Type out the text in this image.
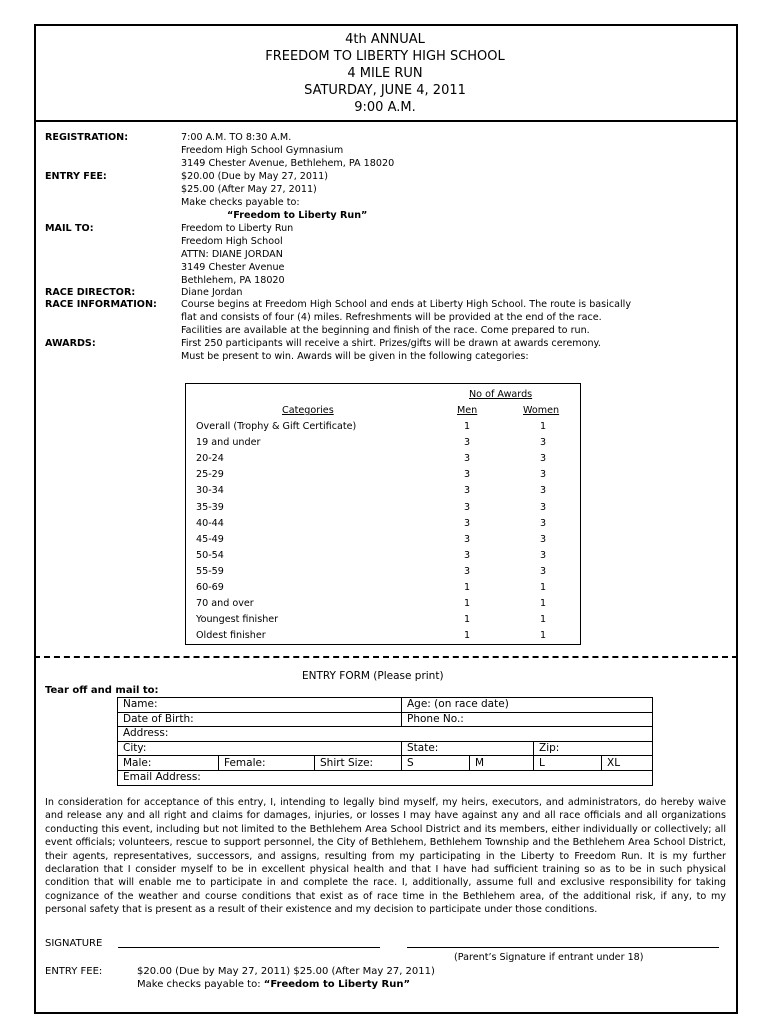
4th ANNUAL
FREEDOM TO LIBERTY HIGH SCHOOL
4 MILE RUN
SATURDAY, JUNE 4, 2011
9:00 A.M.
REGISTRATION:	7:00 A.M. TO 8:30 A.M.
Freedom High School Gymnasium
3149 Chester Avenue, Bethlehem, PA 18020
ENTRY FEE:	$20.00 (Due by May 27, 2011)
$25.00 (After May 27, 2011)
Make checks payable to:
“Freedom to Liberty Run”
MAIL TO:	Freedom to Liberty Run
Freedom High School
ATTN: DIANE JORDAN
3149 Chester Avenue
Bethlehem, PA 18020
RACE DIRECTOR:	Diane Jordan
RACE INFORMATION:	Course begins at Freedom High School and ends at Liberty High School. The route is basically
flat and consists of four (4) miles. Refreshments will be provided at the end of the race.
Facilities are available at the beginning and finish of the race. Come prepared to run.
AWARDS:	First 250 participants will receive a shirt. Prizes/gifts will be drawn at awards ceremony.
Must be present to win. Awards will be given in the following categories:
No of Awards
Categories	Men	Women
Overall (Trophy & Gift Certificate)	1	1
19 and under	3	3
20-24	3	3
25-29	3	3
30-34	3	3
35-39	3	3
40-44	3	3
45-49	3	3
50-54	3	3
55-59	3	3
60-69	1	1
70 and over	1	1
Youngest finisher	1	1
Oldest finisher	1	1
ENTRY FORM (Please print)
Tear off and mail to:
Name:			Age: (on race date)			
Date of Birth:			Phone No.:			
Address:						
City:			State:		Zip:	
Male:	Female:	Shirt Size:	S	M	L	XL
Email Address:						
In consideration for acceptance of this entry, I, intending to legally bind myself, my heirs, executors, and administrators, do hereby waive and release any and all right and claims for damages, injuries, or losses I may have against any and all race officials and all organizations conducting this event, including but not limited to the Bethlehem Area School District and its members, either individually or collectively; all event officials; volunteers, rescue to support personnel, the City of Bethlehem, Bethlehem Township and the Bethlehem Area School District, their agents, representatives, successors, and assigns, resulting from my participating in the Liberty to Freedom Run. It is my further declaration that I consider myself to be in excellent physical health and that I have had sufficient training so as to be in such physical condition that will enable me to participate in and complete the race. I, additionally, assume full and exclusive responsibility for taking cognizance of the weather and course conditions that exist as of race time in the Bethlehem area, of the additional risk, if any, to my personal safety that is present as a result of their existence and my decision to participate under those conditions.
SIGNATURE
(Parent’s Signature if entrant under 18)
ENTRY FEE:	$20.00 (Due by May 27, 2011) $25.00 (After May 27, 2011)
Make checks payable to: “Freedom to Liberty Run”
